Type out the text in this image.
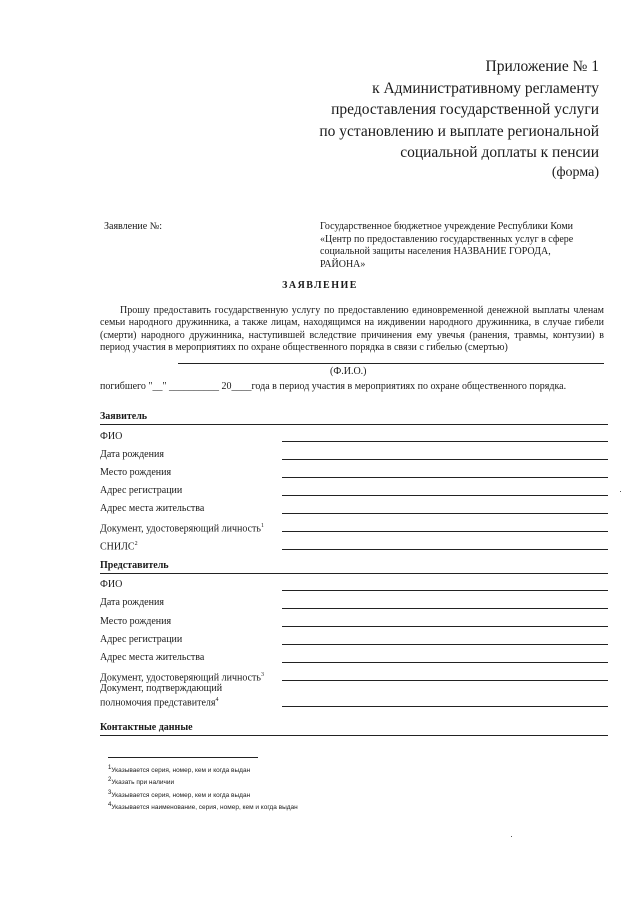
Приложение № 1
к Административному регламенту
предоставления государственной услуги
по установлению и выплате региональной
социальной доплаты к пенсии
(форма)
Заявление №:	Государственное бюджетное учреждение Республики Коми «Центр по предоставлению государственных услуг в сфере социальной защиты населения НАЗВАНИЕ ГОРОДА, РАЙОНА»
ЗАЯВЛЕНИЕ
Прошу предоставить государственную услугу по предоставлению единовременной денежной выплаты членам семьи народного дружинника, а также лицам, находящимся на иждивении народного дружинника, в случае гибели (смерти) народного дружинника, наступившей вследствие причинения ему увечья (ранения, травмы, контузии) в период участия в мероприятиях по охране общественного порядка в связи с гибелью (смертью)
(Ф.И.О.)
погибшего "__" __________ 20____года в период участия в мероприятиях по охране общественного порядка.
Заявитель
ФИО
Дата рождения
Место рождения
Адрес регистрации
Адрес места жительства
Документ, удостоверяющий личность$^1$
СНИЛС$^2$
Представитель
ФИО
Дата рождения
Место рождения
Адрес регистрации
Адрес места жительства
Документ, удостоверяющий личность$^3$
Документ, подтверждающий
полномочия представителя$^4$
Контактные данные
$^1$Указывается серия, номер, кем и когда выдан
$^2$Указать при наличии
$^3$Указывается серия, номер, кем и когда выдан
$^4$Указывается наименование, серия, номер, кем и когда выдан
